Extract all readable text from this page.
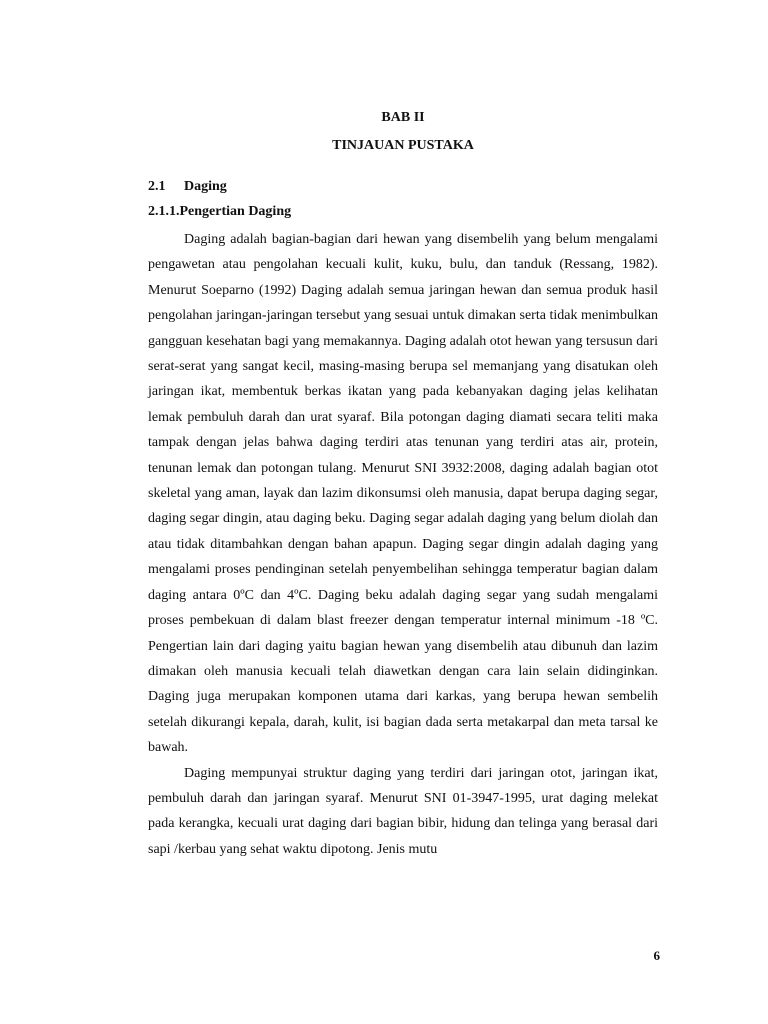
BAB II
TINJAUAN PUSTAKA
2.1 Daging
2.1.1.Pengertian Daging

Daging adalah bagian-bagian dari hewan yang disembelih yang belum mengalami pengawetan atau pengolahan kecuali kulit, kuku, bulu, dan tanduk (Ressang, 1982). Menurut Soeparno (1992) Daging adalah semua jaringan hewan dan semua produk hasil pengolahan jaringan-jaringan tersebut yang sesuai untuk dimakan serta tidak menimbulkan gangguan kesehatan bagi yang memakannya. Daging adalah otot hewan yang tersusun dari serat-serat yang sangat kecil, masing-masing berupa sel memanjang yang disatukan oleh jaringan ikat, membentuk berkas ikatan yang pada kebanyakan daging jelas kelihatan lemak pembuluh darah dan urat syaraf. Bila potongan daging diamati secara teliti maka tampak dengan jelas bahwa daging terdiri atas tenunan yang terdiri atas air, protein, tenunan lemak dan potongan tulang. Menurut SNI 3932:2008, daging adalah bagian otot skeletal yang aman, layak dan lazim dikonsumsi oleh manusia, dapat berupa daging segar, daging segar dingin, atau daging beku. Daging segar adalah daging yang belum diolah dan atau tidak ditambahkan dengan bahan apapun. Daging segar dingin adalah daging yang mengalami proses pendinginan setelah penyembelihan sehingga temperatur bagian dalam daging antara 0ºC dan 4ºC. Daging beku adalah daging segar yang sudah mengalami proses pembekuan di dalam blast freezer dengan temperatur internal minimum -18 ºC. Pengertian lain dari daging yaitu bagian hewan yang disembelih atau dibunuh dan lazim dimakan oleh manusia kecuali telah diawetkan dengan cara lain selain didinginkan. Daging juga merupakan komponen utama dari karkas, yang berupa hewan sembelih setelah dikurangi kepala, darah, kulit, isi bagian dada serta metakarpal dan meta tarsal ke bawah.

Daging mempunyai struktur daging yang terdiri dari jaringan otot, jaringan ikat, pembuluh darah dan jaringan syaraf. Menurut SNI 01-3947-1995, urat daging melekat pada kerangka, kecuali urat daging dari bagian bibir, hidung dan telinga yang berasal dari sapi /kerbau yang sehat waktu dipotong. Jenis mutu

6
